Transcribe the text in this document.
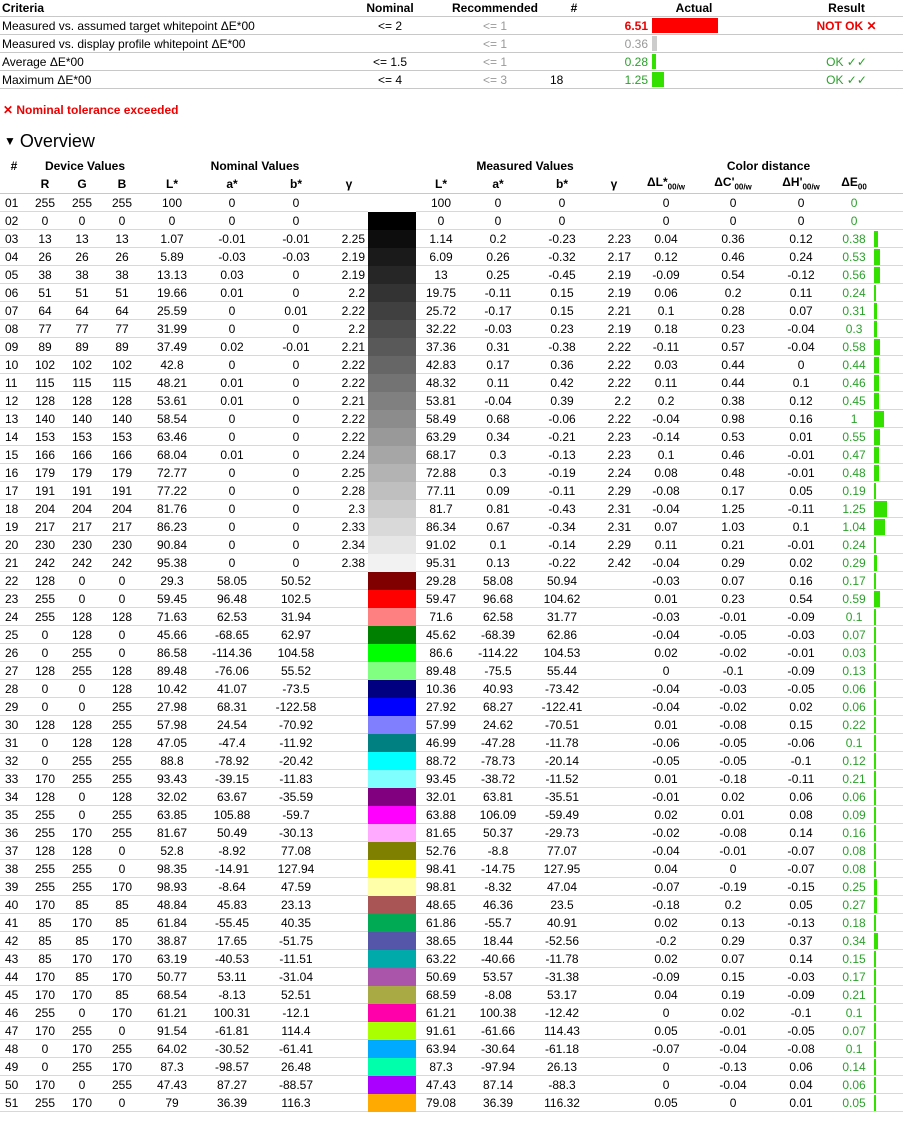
Criteria	Nominal	Recommended	#	Actual		Result
Measured vs. assumed target whitepoint ΔE*00	<= 2	<= 1		6.51		NOT OK ✕
Measured vs. display profile whitepoint ΔE*00		<= 1		0.36		
Average ΔE*00	<= 1.5	<= 1		0.28		OK ✓✓
Maximum ΔE*00	<= 4	<= 3	18	1.25		OK ✓✓
✕ Nominal tolerance exceeded
▼ Overview
#	Device Values			Nominal Values					Measured Values				Color distance				
	R	G	B	L*	a*	b*	γ		L*	a*	b*	γ	$\Delta L*_{00/w}$	$\Delta C'_{00/w}$	$\Delta H'_{00/w}$	$\Delta E_{00}$	
01	255	255	255	100	0	0			100	0	0		0	0	0	0	
02	0	0	0	0	0	0			0	0	0		0	0	0	0	
03	13	13	13	1.07	-0.01	-0.01	2.25		1.14	0.2	-0.23	2.23	0.04	0.36	0.12	0.38	
04	26	26	26	5.89	-0.03	-0.03	2.19		6.09	0.26	-0.32	2.17	0.12	0.46	0.24	0.53	
05	38	38	38	13.13	0.03	0	2.19		13	0.25	-0.45	2.19	-0.09	0.54	-0.12	0.56	
06	51	51	51	19.66	0.01	0	2.2		19.75	-0.11	0.15	2.19	0.06	0.2	0.11	0.24	
07	64	64	64	25.59	0	0.01	2.22		25.72	-0.17	0.15	2.21	0.1	0.28	0.07	0.31	
08	77	77	77	31.99	0	0	2.2		32.22	-0.03	0.23	2.19	0.18	0.23	-0.04	0.3	
09	89	89	89	37.49	0.02	-0.01	2.21		37.36	0.31	-0.38	2.22	-0.11	0.57	-0.04	0.58	
10	102	102	102	42.8	0	0	2.22		42.83	0.17	0.36	2.22	0.03	0.44	0	0.44	
11	115	115	115	48.21	0.01	0	2.22		48.32	0.11	0.42	2.22	0.11	0.44	0.1	0.46	
12	128	128	128	53.61	0.01	0	2.21		53.81	-0.04	0.39	2.2	0.2	0.38	0.12	0.45	
13	140	140	140	58.54	0	0	2.22		58.49	0.68	-0.06	2.22	-0.04	0.98	0.16	1	
14	153	153	153	63.46	0	0	2.22		63.29	0.34	-0.21	2.23	-0.14	0.53	0.01	0.55	
15	166	166	166	68.04	0.01	0	2.24		68.17	0.3	-0.13	2.23	0.1	0.46	-0.01	0.47	
16	179	179	179	72.77	0	0	2.25		72.88	0.3	-0.19	2.24	0.08	0.48	-0.01	0.48	
17	191	191	191	77.22	0	0	2.28		77.11	0.09	-0.11	2.29	-0.08	0.17	0.05	0.19	
18	204	204	204	81.76	0	0	2.3		81.7	0.81	-0.43	2.31	-0.04	1.25	-0.11	1.25	
19	217	217	217	86.23	0	0	2.33		86.34	0.67	-0.34	2.31	0.07	1.03	0.1	1.04	
20	230	230	230	90.84	0	0	2.34		91.02	0.1	-0.14	2.29	0.11	0.21	-0.01	0.24	
21	242	242	242	95.38	0	0	2.38		95.31	0.13	-0.22	2.42	-0.04	0.29	0.02	0.29	
22	128	0	0	29.3	58.05	50.52			29.28	58.08	50.94		-0.03	0.07	0.16	0.17	
23	255	0	0	59.45	96.48	102.5			59.47	96.68	104.62		0.01	0.23	0.54	0.59	
24	255	128	128	71.63	62.53	31.94			71.6	62.58	31.77		-0.03	-0.01	-0.09	0.1	
25	0	128	0	45.66	-68.65	62.97			45.62	-68.39	62.86		-0.04	-0.05	-0.03	0.07	
26	0	255	0	86.58	-114.36	104.58			86.6	-114.22	104.53		0.02	-0.02	-0.01	0.03	
27	128	255	128	89.48	-76.06	55.52			89.48	-75.5	55.44		0	-0.1	-0.09	0.13	
28	0	0	128	10.42	41.07	-73.5			10.36	40.93	-73.42		-0.04	-0.03	-0.05	0.06	
29	0	0	255	27.98	68.31	-122.58			27.92	68.27	-122.41		-0.04	-0.02	0.02	0.06	
30	128	128	255	57.98	24.54	-70.92			57.99	24.62	-70.51		0.01	-0.08	0.15	0.22	
31	0	128	128	47.05	-47.4	-11.92			46.99	-47.28	-11.78		-0.06	-0.05	-0.06	0.1	
32	0	255	255	88.8	-78.92	-20.42			88.72	-78.73	-20.14		-0.05	-0.05	-0.1	0.12	
33	170	255	255	93.43	-39.15	-11.83			93.45	-38.72	-11.52		0.01	-0.18	-0.11	0.21	
34	128	0	128	32.02	63.67	-35.59			32.01	63.81	-35.51		-0.01	0.02	0.06	0.06	
35	255	0	255	63.85	105.88	-59.7			63.88	106.09	-59.49		0.02	0.01	0.08	0.09	
36	255	170	255	81.67	50.49	-30.13			81.65	50.37	-29.73		-0.02	-0.08	0.14	0.16	
37	128	128	0	52.8	-8.92	77.08			52.76	-8.8	77.07		-0.04	-0.01	-0.07	0.08	
38	255	255	0	98.35	-14.91	127.94			98.41	-14.75	127.95		0.04	0	-0.07	0.08	
39	255	255	170	98.93	-8.64	47.59			98.81	-8.32	47.04		-0.07	-0.19	-0.15	0.25	
40	170	85	85	48.84	45.83	23.13			48.65	46.36	23.5		-0.18	0.2	0.05	0.27	
41	85	170	85	61.84	-55.45	40.35			61.86	-55.7	40.91		0.02	0.13	-0.13	0.18	
42	85	85	170	38.87	17.65	-51.75			38.65	18.44	-52.56		-0.2	0.29	0.37	0.34	
43	85	170	170	63.19	-40.53	-11.51			63.22	-40.66	-11.78		0.02	0.07	0.14	0.15	
44	170	85	170	50.77	53.11	-31.04			50.69	53.57	-31.38		-0.09	0.15	-0.03	0.17	
45	170	170	85	68.54	-8.13	52.51			68.59	-8.08	53.17		0.04	0.19	-0.09	0.21	
46	255	0	170	61.21	100.31	-12.1			61.21	100.38	-12.42		0	0.02	-0.1	0.1	
47	170	255	0	91.54	-61.81	114.4			91.61	-61.66	114.43		0.05	-0.01	-0.05	0.07	
48	0	170	255	64.02	-30.52	-61.41			63.94	-30.64	-61.18		-0.07	-0.04	-0.08	0.1	
49	0	255	170	87.3	-98.57	26.48			87.3	-97.94	26.13		0	-0.13	0.06	0.14	
50	170	0	255	47.43	87.27	-88.57			47.43	87.14	-88.3		0	-0.04	0.04	0.06	
51	255	170	0	79	36.39	116.3			79.08	36.39	116.32		0.05	0	0.01	0.05	
